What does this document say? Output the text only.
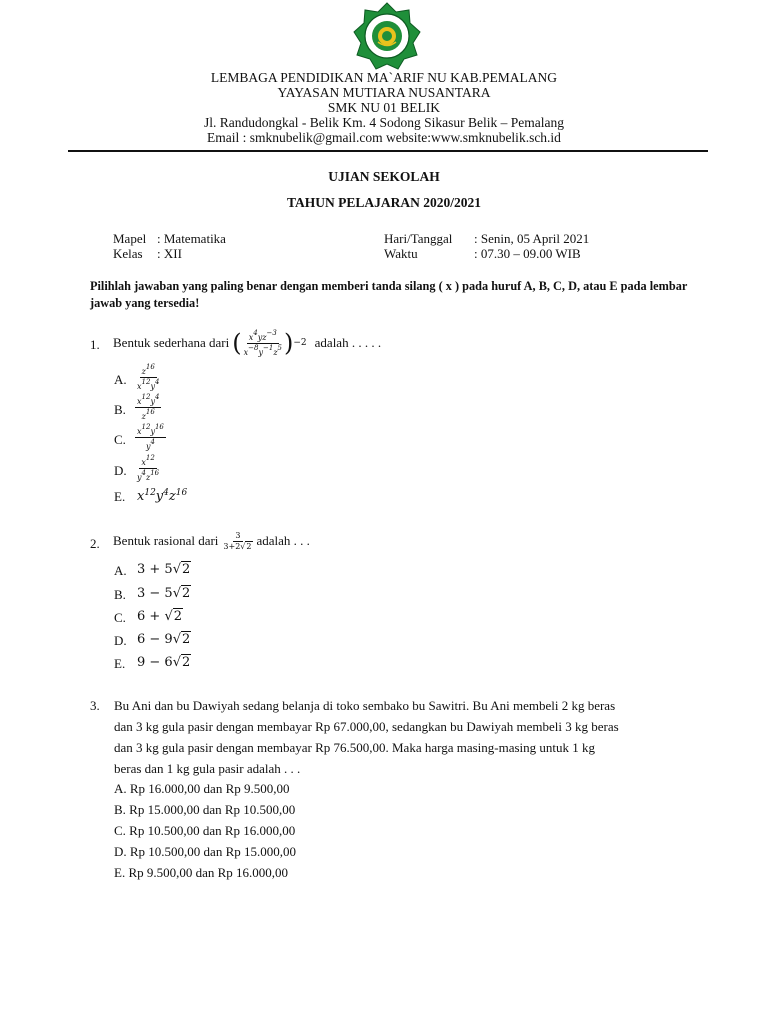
LEMBAGA PENDIDIKAN MA`ARIF NU KAB.PEMALANG
YAYASAN MUTIARA NUSANTARA
SMK NU 01 BELIK
Jl. Randudongkal - Belik Km. 4 Sodong Sikasur Belik – Pemalang
Email : smknubelik@gmail.com website:www.smknubelik.sch.id
UJIAN SEKOLAH
TAHUN PELAJARAN 2020/2021
Mapel : Matematika
Kelas : XII
Hari/Tanggal : Senin, 05 April 2021
Waktu	: 07.30 – 09.00 WIB
Pilihlah jawaban yang paling benar dengan memberi tanda silang ( x ) pada huruf A, B, C, D, atau E pada lembar jawab yang tersedia!
1. Bentuk sederhana dari ( $\frac{x^4yz^{-3}}{x^{-8}y^{-1}z^5}$ ) −2 adalah . . . . .
A. $\frac{z^{16}}{x^{12}y^4}$
B. $\frac{x^{12}y^4}{z^{16}}$
C. $\frac{x^{12}y^{16}}{y^4}$
D. $\frac{x^{12}}{y^4z^{16}}$
E. $x^{12}y^4z^{16}$
2. Bentuk rasional dari $\frac{3}{3+2√2}$ adalah . . .
A. 3 + 5√2
B. 3 − 5√2
C. 6 + √2
D. 6 − 9√2
E. 9 − 6√2
3. Bu Ani dan bu Dawiyah sedang belanja di toko sembako bu Sawitri. Bu Ani membeli 2 kg beras
dan 3 kg gula pasir dengan membayar Rp 67.000,00, sedangkan bu Dawiyah membeli 3 kg beras
dan 3 kg gula pasir dengan membayar Rp 76.500,00. Maka harga masing-masing untuk 1 kg
beras dan 1 kg gula pasir adalah . . .
A. Rp 16.000,00 dan Rp 9.500,00
B. Rp 15.000,00 dan Rp 10.500,00
C. Rp 10.500,00 dan Rp 16.000,00
D. Rp 10.500,00 dan Rp 15.000,00
E. Rp 9.500,00 dan Rp 16.000,00
